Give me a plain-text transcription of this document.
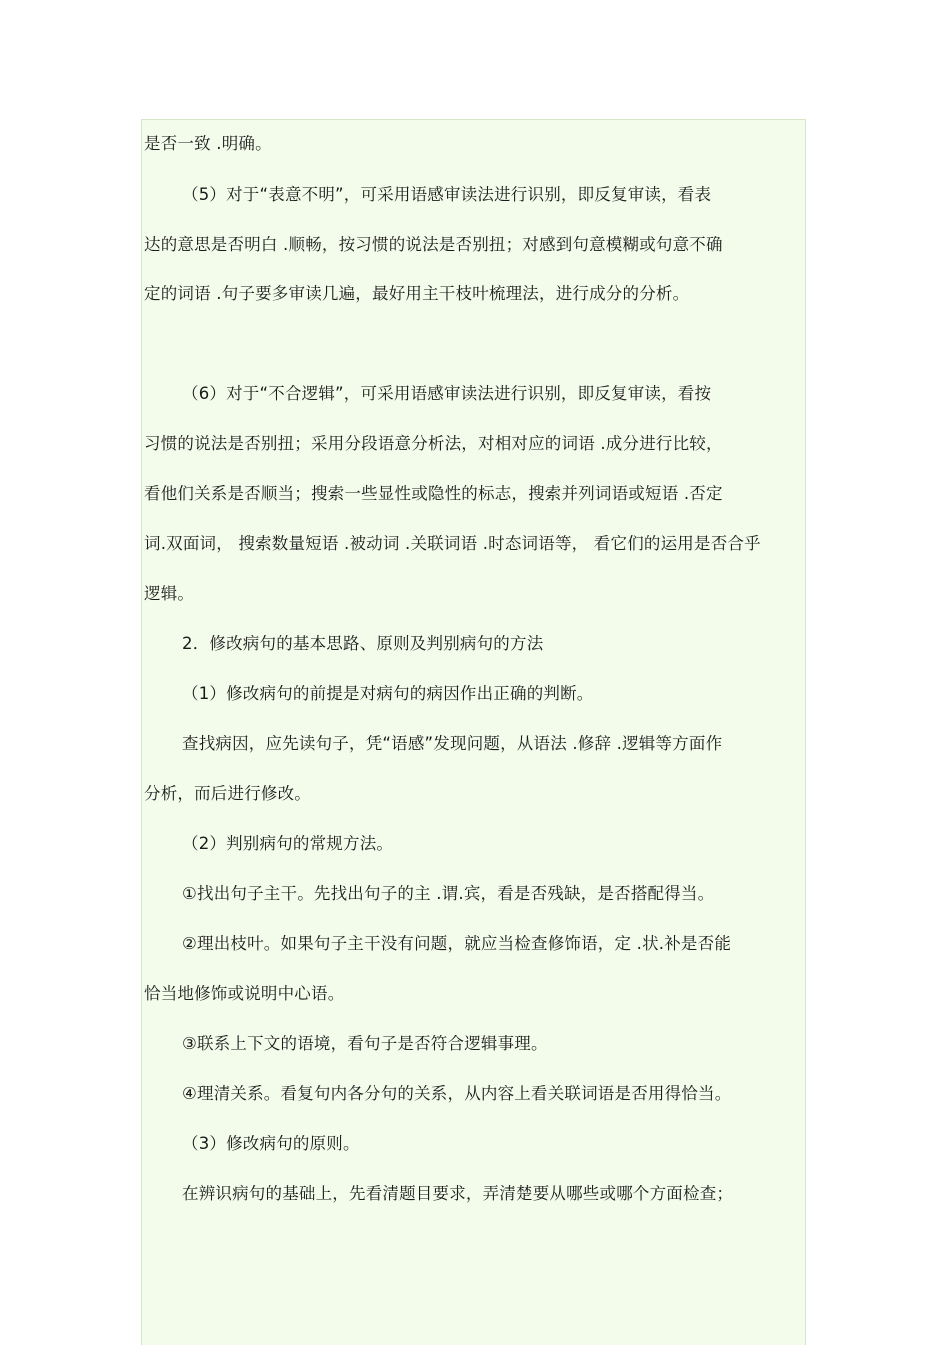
是否一致 .明确。
（5）对于“表意不明”，可采用语感审读法进行识别，即反复审读，看表
达的意思是否明白 .顺畅，按习惯的说法是否别扭；对感到句意模糊或句意不确
定的词语 .句子要多审读几遍，最好用主干枝叶梳理法，进行成分的分析。
（6）对于“不合逻辑”，可采用语感审读法进行识别，即反复审读，看按
习惯的说法是否别扭；采用分段语意分析法，对相对应的词语 .成分进行比较，
看他们关系是否顺当；搜索一些显性或隐性的标志，搜索并列词语或短语 .否定
词.双面词， 搜索数量短语 .被动词 .关联词语 .时态词语等， 看它们的运用是否合乎
逻辑。
2．修改病句的基本思路、原则及判别病句的方法
（1）修改病句的前提是对病句的病因作出正确的判断。
查找病因，应先读句子，凭“语感”发现问题，从语法 .修辞 .逻辑等方面作
分析，而后进行修改。
（2）判别病句的常规方法。
①找出句子主干。先找出句子的主 .谓.宾，看是否残缺，是否搭配得当。
②理出枝叶。如果句子主干没有问题，就应当检查修饰语，定 .状.补是否能
恰当地修饰或说明中心语。
③联系上下文的语境，看句子是否符合逻辑事理。
④理清关系。看复句内各分句的关系，从内容上看关联词语是否用得恰当。
（3）修改病句的原则。
在辨识病句的基础上，先看清题目要求，弄清楚要从哪些或哪个方面检查；
